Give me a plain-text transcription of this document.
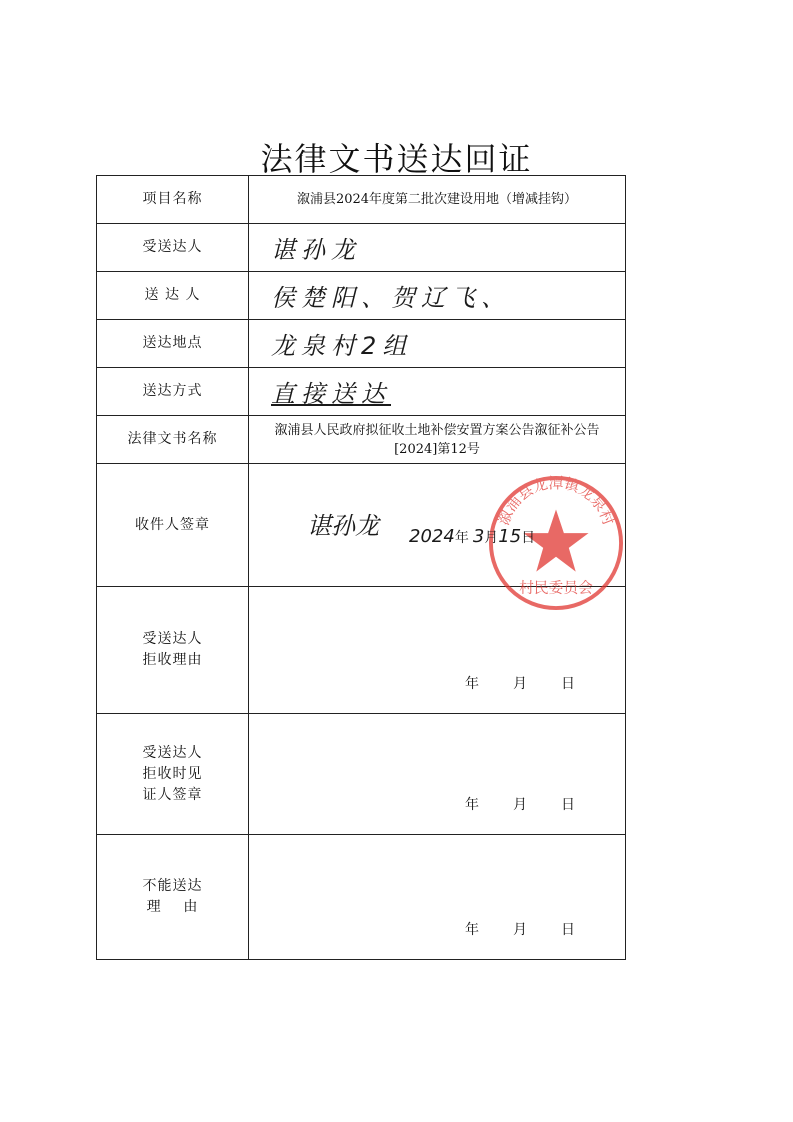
法律文书送达回证
项目名称	溆浦县2024年度第二批次建设用地（增减挂钩）
受送达人	谌孙龙

送 达 人	侯楚阳、贺辽飞、

送达地点	龙泉村2组

送达方式	直接送达

法律文书名称	溆浦县人民政府拟征收土地补偿安置方案公告溆征补公告
[2024]第12号

收件人签章	溆浦县龙潭镇龙泉村
村民委员会
谌孙龙 2024年 3月15日

受送达人
拒收理由	年 月 日

受送达人
拒收时见
证人签章	年 月 日

不能送达
理    由	年 月 日
